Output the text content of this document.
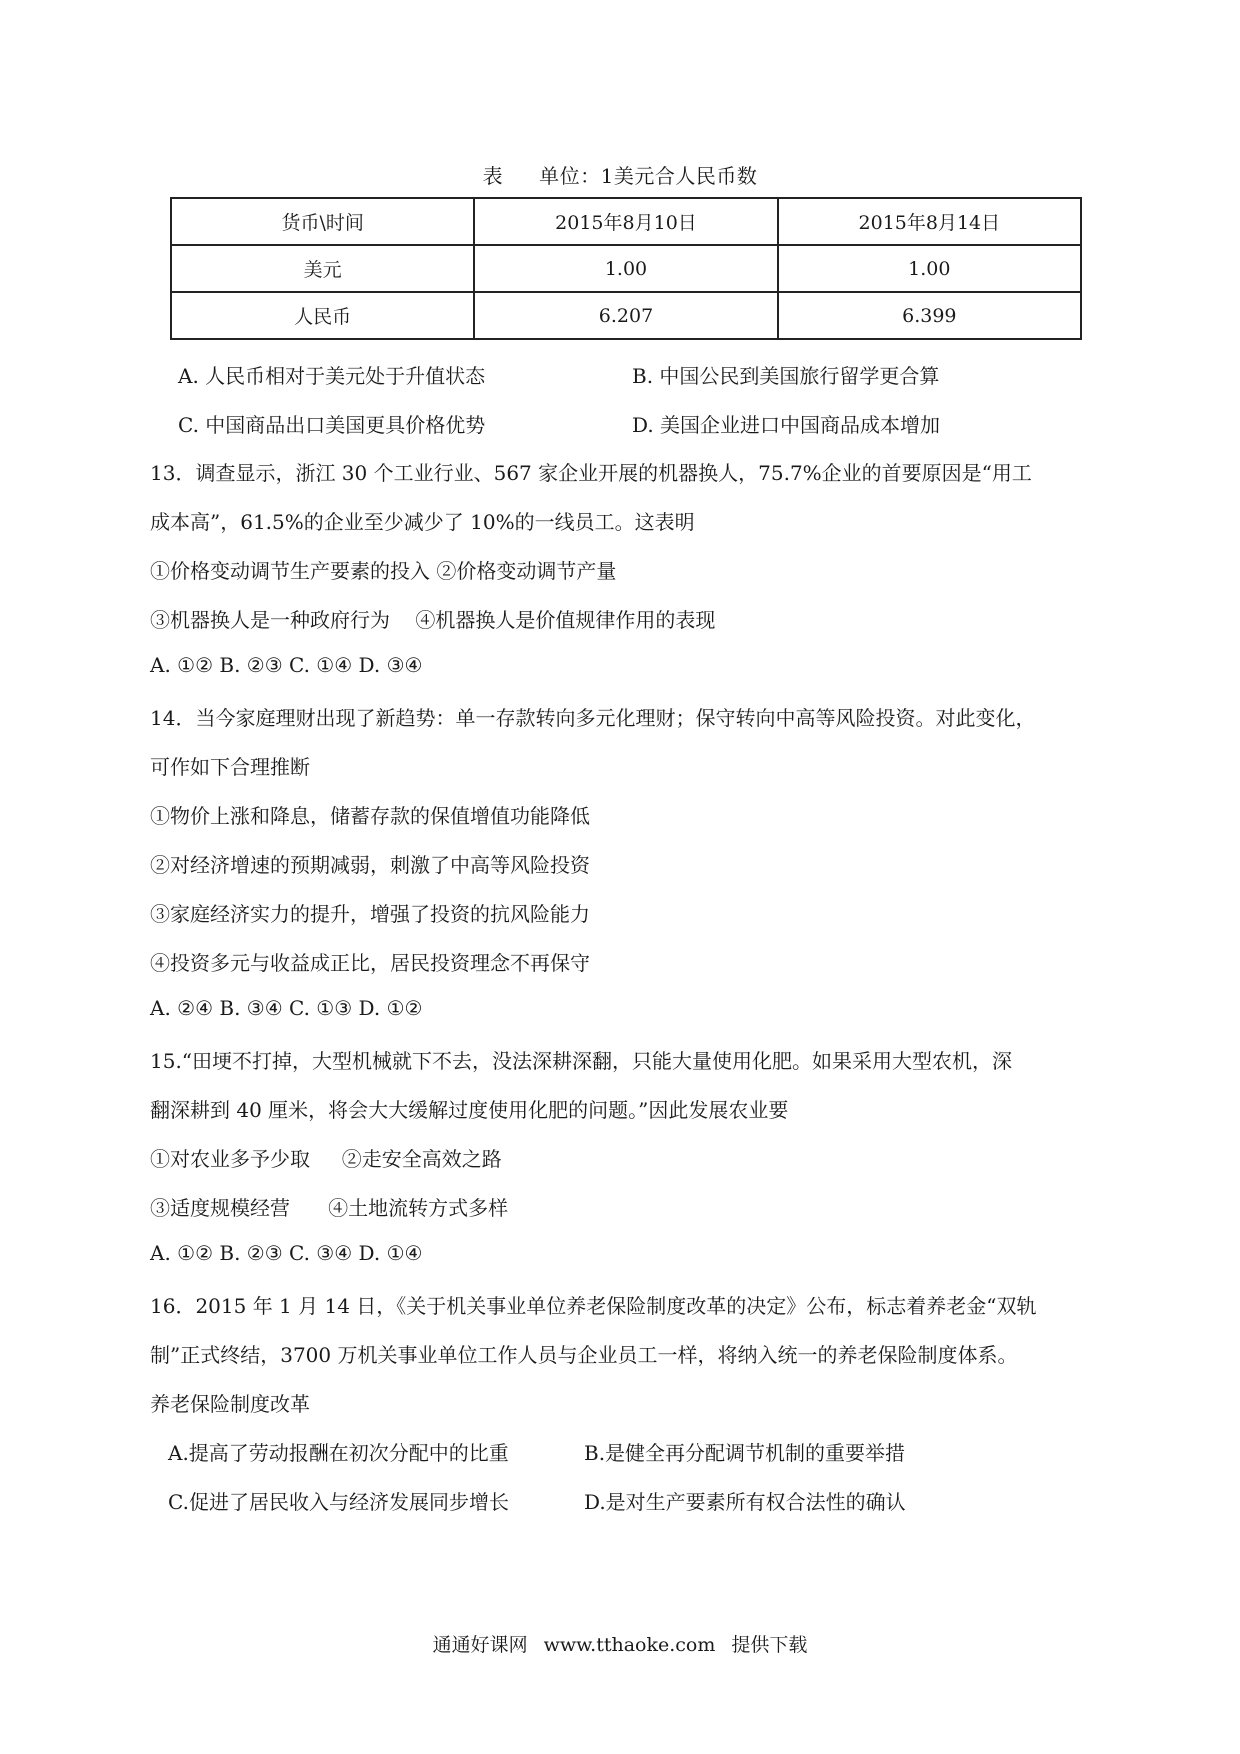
表 单位：1美元合人民币数
货币\时间	2015年8月10日	2015年8月14日
美元	1.00	1.00
人民币	6.207	6.399
A. 人民币相对于美元处于升值状态	B. 中国公民到美国旅行留学更合算
C. 中国商品出口美国更具价格优势	D. 美国企业进口中国商品成本增加
13．调查显示，浙江 30 个工业行业、567 家企业开展的机器换人，75.7%企业的首要原因是“用工
成本高”，61.5%的企业至少减少了 10%的一线员工。这表明
①价格变动调节生产要素的投入 ②价格变动调节产量
③机器换人是一种政府行为    ④机器换人是价值规律作用的表现
A. ①② B. ②③ C. ①④ D. ③④
14．当今家庭理财出现了新趋势：单一存款转向多元化理财；保守转向中高等风险投资。对此变化，
可作如下合理推断
①物价上涨和降息，储蓄存款的保值增值功能降低
②对经济增速的预期减弱，刺激了中高等风险投资
③家庭经济实力的提升，增强了投资的抗风险能力
④投资多元与收益成正比，居民投资理念不再保守
A. ②④ B. ③④ C. ①③ D. ①②
15.“田埂不打掉，大型机械就下不去，没法深耕深翻，只能大量使用化肥。如果采用大型农机，深
翻深耕到 40 厘米，将会大大缓解过度使用化肥的问题。”因此发展农业要
①对农业多予少取     ②走安全高效之路
③适度规模经营      ④土地流转方式多样
A. ①② B. ②③ C. ③④ D. ①④
16．2015 年 1 月 14 日，《关于机关事业单位养老保险制度改革的决定》公布，标志着养老金“双轨
制”正式终结，3700 万机关事业单位工作人员与企业员工一样，将纳入统一的养老保险制度体系。
养老保险制度改革
A.提高了劳动报酬在初次分配中的比重	B.是健全再分配调节机制的重要举措
C.促进了居民收入与经济发展同步增长	D.是对生产要素所有权合法性的确认
通通好课网 www.tthaoke.com 提供下载
